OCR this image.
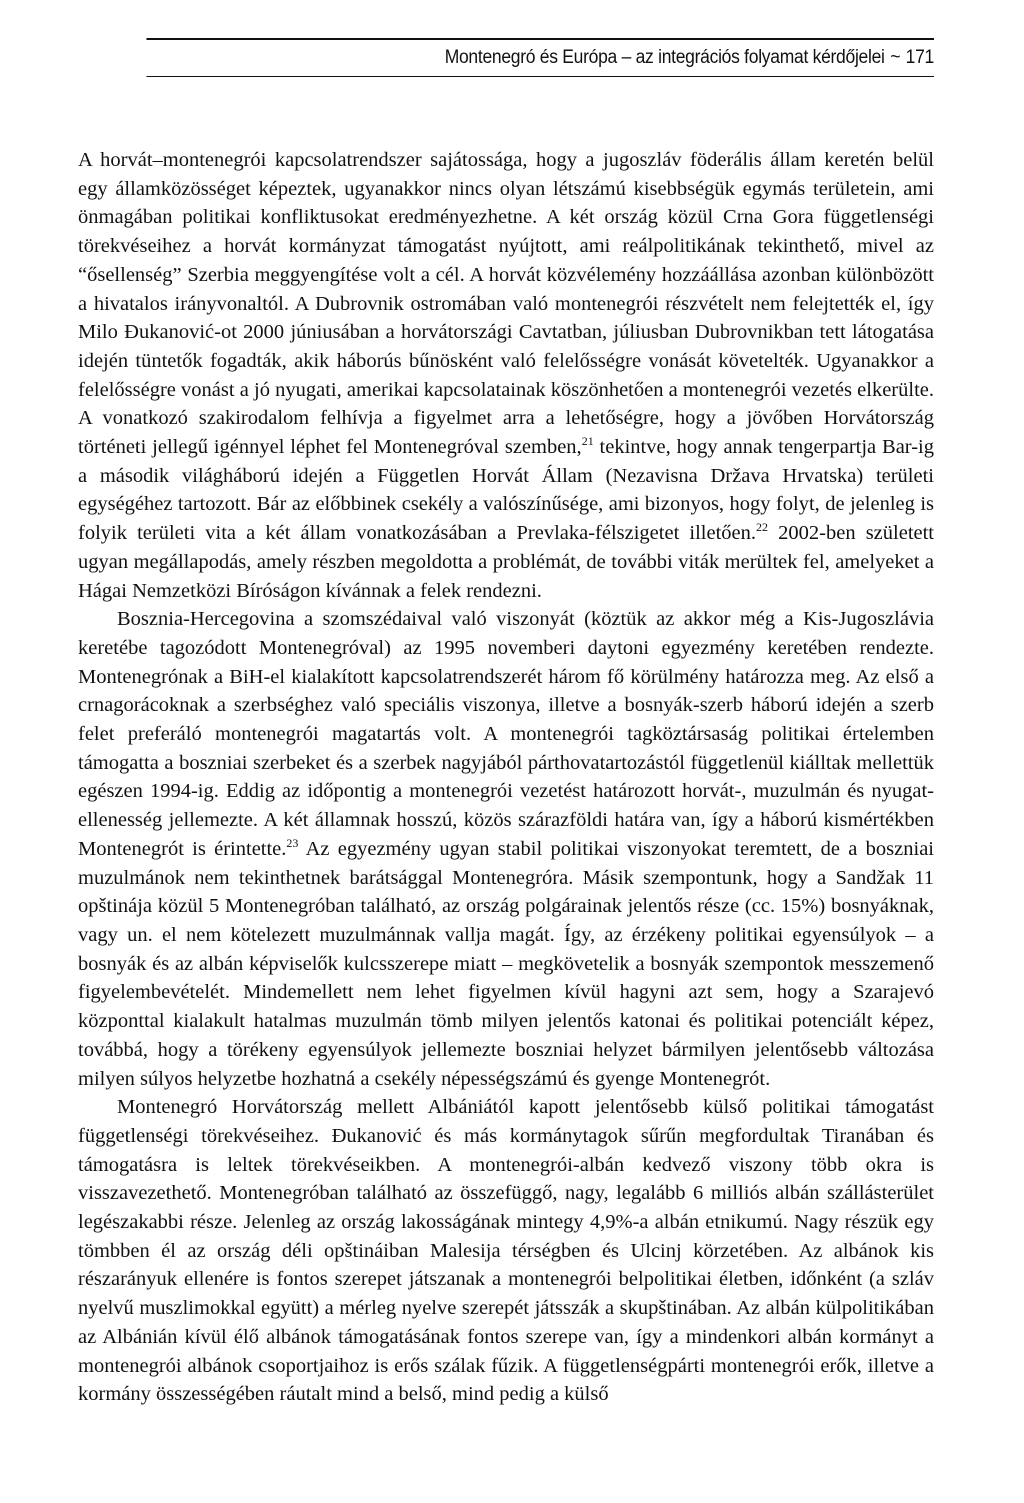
Montenegró és Európa – az integrációs folyamat kérdőjelei ~ 171

A horvát–montenegrói kapcsolatrendszer sajátossága, hogy a jugoszláv föderális állam keretén belül egy államközösséget képeztek, ugyanakkor nincs olyan létszámú kisebbségük egymás területein, ami önmagában politikai konfliktusokat eredményezhetne. A két ország közül Crna Gora függetlenségi törekvéseihez a horvát kormányzat támogatást nyújtott, ami reálpolitikának tekinthető, mivel az “ősellenség” Szerbia meggyengítése volt a cél. A horvát közvélemény hozzáállása azonban különbözött a hivatalos irányvonaltól. A Dubrovnik ostromában való montenegrói részvételt nem felejtették el, így Milo Đukanović-ot 2000 júniusában a horvátországi Cavtatban, júliusban Dubrovnikban tett látogatása idején tüntetők fogadták, akik háborús bűnösként való felelősségre vonását követelték. Ugyanakkor a felelősségre vonást a jó nyugati, amerikai kapcsolatainak köszönhetően a montenegrói vezetés elkerülte. A vonatkozó szakirodalom felhívja a figyelmet arra a lehetőségre, hogy a jövőben Horvátország történeti jellegű igénnyel léphet fel Montenegróval szemben,$^{21}$ tekintve, hogy annak tengerpartja Bar-ig a második világháború idején a Független Horvát Állam (Nezavisna Država Hrvatska) területi egységéhez tartozott. Bár az előbbinek csekély a valószínűsége, ami bizonyos, hogy folyt, de jelenleg is folyik területi vita a két állam vonatkozásában a Prevlaka-félszigetet illetően.$^{22}$ 2002-ben született ugyan megállapodás, amely részben megoldotta a problémát, de további viták merültek fel, amelyeket a Hágai Nemzetközi Bíróságon kívánnak a felek rendezni.

Bosznia-Hercegovina a szomszédaival való viszonyát (köztük az akkor még a Kis-Jugoszlávia keretébe tagozódott Montenegróval) az 1995 novemberi daytoni egyezmény keretében rendezte. Montenegrónak a BiH-el kialakított kapcsolatrendszerét három fő körülmény határozza meg. Az első a crnagorácoknak a szerbséghez való speciális viszonya, illetve a bosnyák-szerb háború idején a szerb felet preferáló montenegrói magatartás volt. A montenegrói tagköztársaság politikai értelemben támogatta a boszniai szerbeket és a szerbek nagyjából párthovatartozástól függetlenül kiálltak mellettük egészen 1994-ig. Eddig az időpontig a montenegrói vezetést határozott horvát-, muzulmán és nyugat-ellenesség jellemezte. A két államnak hosszú, közös szárazföldi határa van, így a háború kismértékben Montenegrót is érintette.$^{23}$ Az egyezmény ugyan stabil politikai viszonyokat teremtett, de a boszniai muzulmánok nem tekinthetnek barátsággal Montenegróra. Másik szempontunk, hogy a Sandžak 11 opštinája közül 5 Montenegróban található, az ország polgárainak jelentős része (cc. 15%) bosnyáknak, vagy un. el nem kötelezett muzulmánnak vallja magát. Így, az érzékeny politikai egyensúlyok – a bosnyák és az albán képviselők kulcsszerepe miatt – megkövetelik a bosnyák szempontok messzemenő figyelembevételét. Mindemellett nem lehet figyelmen kívül hagyni azt sem, hogy a Szarajevó központtal kialakult hatalmas muzulmán tömb milyen jelentős katonai és politikai potenciált képez, továbbá, hogy a törékeny egyensúlyok jellemezte boszniai helyzet bármilyen jelentősebb változása milyen súlyos helyzetbe hozhatná a csekély népességszámú és gyenge Montenegrót.

Montenegró Horvátország mellett Albániától kapott jelentősebb külső politikai támogatást függetlenségi törekvéseihez. Đukanović és más kormánytagok sűrűn megfordultak Tiranában és támogatásra is leltek törekvéseikben. A montenegrói-albán kedvező viszony több okra is visszavezethető. Montenegróban található az összefüggő, nagy, legalább 6 milliós albán szállásterület legészakabbi része. Jelenleg az ország lakosságának mintegy 4,9%-a albán etnikumú. Nagy részük egy tömbben él az ország déli opštináiban Malesija térségben és Ulcinj körzetében. Az albánok kis részarányuk ellenére is fontos szerepet játszanak a montenegrói belpolitikai életben, időnként (a szláv nyelvű muszlimokkal együtt) a mérleg nyelve szerepét játsszák a skupštinában. Az albán külpolitikában az Albánián kívül élő albánok támogatásának fontos szerepe van, így a mindenkori albán kormányt a montenegrói albánok csoportjaihoz is erős szálak fűzik. A függetlenségpárti montenegrói erők, illetve a kormány összességében ráutalt mind a belső, mind pedig a külső
